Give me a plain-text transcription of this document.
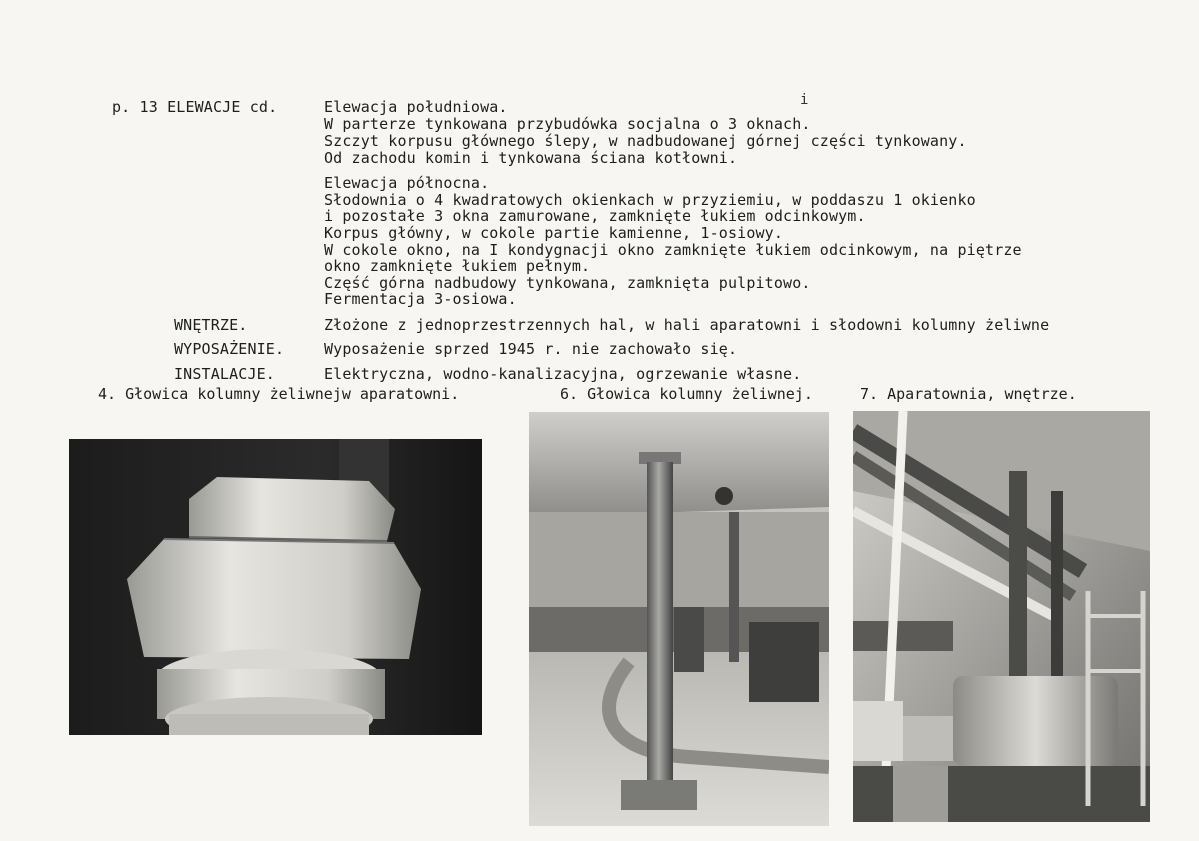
i
p. 13 ELEWACJE cd.	Elewacja południowa.
W parterze tynkowana przybudówka socjalna o 3 oknach.
Szczyt korpusu głównego ślepy, w nadbudowanej górnej części tynkowany.
Od zachodu komin i tynkowana ściana kotłowni.
Elewacja północna.
Słodownia o 4 kwadratowych okienkach w przyziemiu, w poddaszu 1 okienko
i pozostałe 3 okna zamurowane, zamknięte łukiem odcinkowym.
Korpus główny, w cokole partie kamienne, 1-osiowy.
W cokole okno, na I kondygnacji okno zamknięte łukiem odcinkowym, na piętrze
okno zamknięte łukiem pełnym.
Część górna nadbudowy tynkowana, zamknięta pulpitowo.
Fermentacja 3-osiowa.
WNĘTRZE.	Złożone z jednoprzestrzennych hal, w hali aparatowni i słodowni kolumny żeliwne
WYPOSAŻENIE.	Wyposażenie sprzed 1945 r. nie zachowało się.
INSTALACJE.	Elektryczna, wodno-kanalizacyjna, ogrzewanie własne.
4. Głowica kolumny żeliwnejw aparatowni.	6. Głowica kolumny żeliwnej.	7. Aparatownia, wnętrze.
